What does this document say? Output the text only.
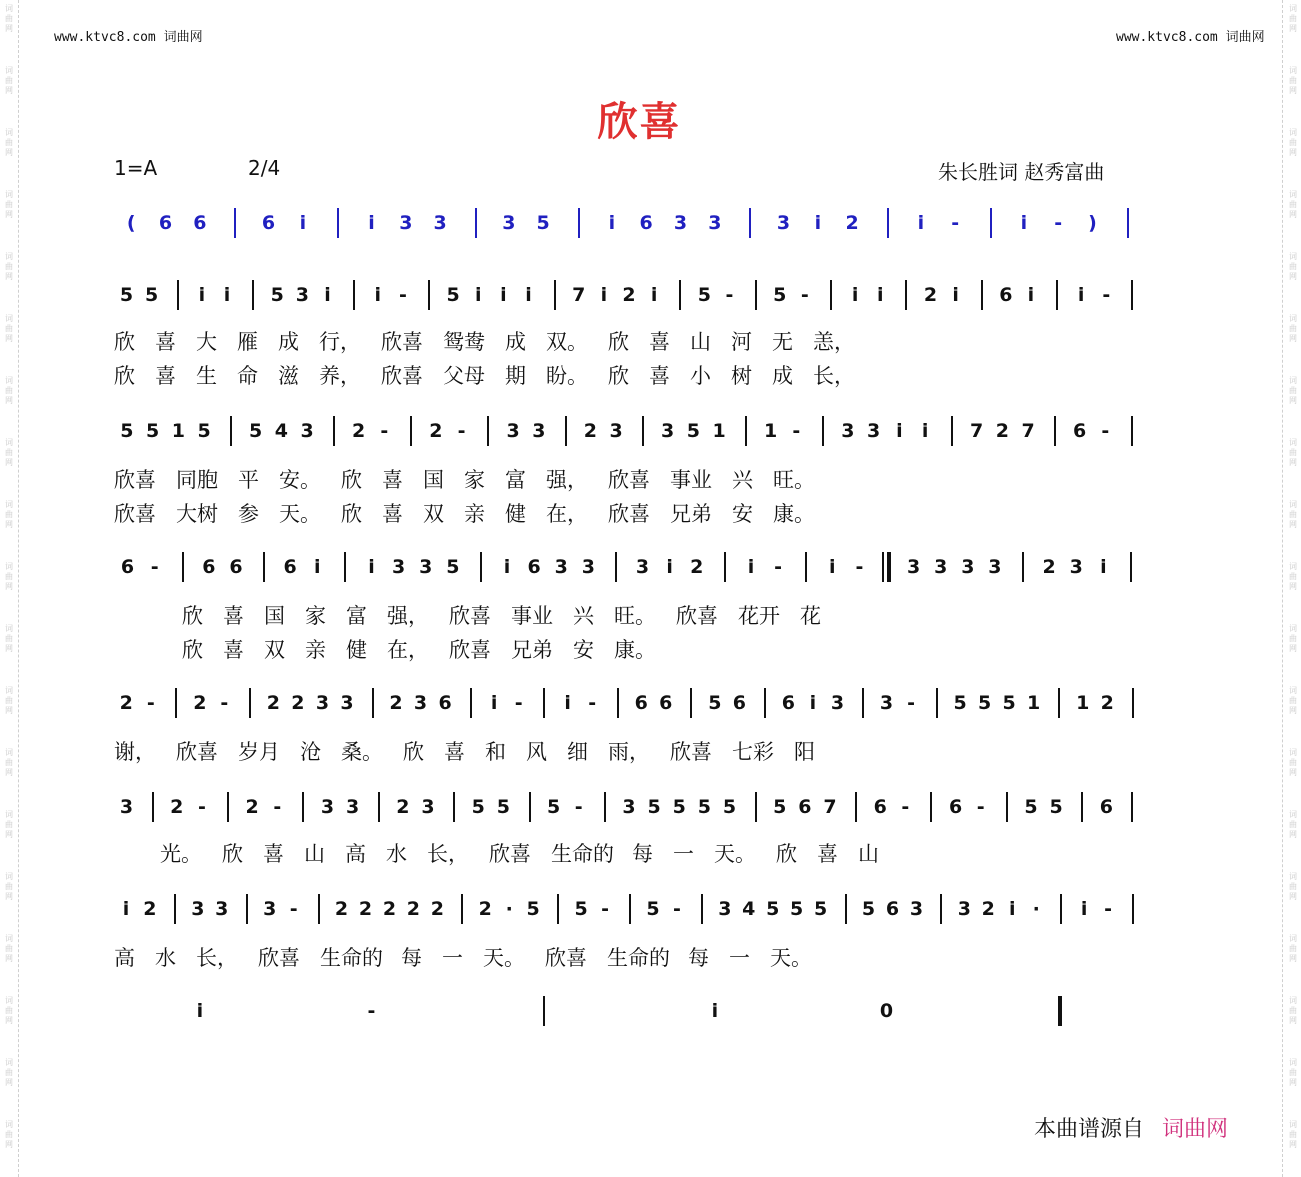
词
曲
网
词
曲
网
词
曲
网
词
曲
网
词
曲
网
词
曲
网
词
曲
网
词
曲
网
词
曲
网
词
曲
网
词
曲
网
词
曲
网
词
曲
网
词
曲
网
词
曲
网
词
曲
网
词
曲
网
词
曲
网
词
曲
网
词
曲
网
词
曲
网
词
曲
网
词
曲
网
词
曲
网
词
曲
网
词
曲
网
词
曲
网
词
曲
网
词
曲
网
词
曲
网
词
曲
网
词
曲
网
词
曲
网
词
曲
网
词
曲
网
词
曲
网
词
曲
网
词
曲
网
www.ktvc8.com 词曲网	www.ktvc8.com 词曲网
欣喜
1=A	2/4	朱长胜词 赵秀富曲
( 6 6	6 i	i 3 3	3 5	i 6 3 3	3 i 2	i -	i - )
5 5 i i 5 3 i i - 5 i i i 7 i 2 i 5 - 5 - i i 2 i 6 i i -
欣 喜 大 雁 成 行， 欣喜 鸳鸯 成 双。 欣 喜 山 河 无 恙，
欣 喜 生 命 滋 养， 欣喜 父母 期 盼。 欣 喜 小 树 成 长，
5 5 1 5 5 4 3 2 - 2 - 3 3 2 3 3 5 1 1 - 3 3 i i 7 2 7 6 -
欣喜 同胞 平 安。 欣 喜 国 家 富 强， 欣喜 事业 兴 旺。
欣喜 大树 参 天。 欣 喜 双 亲 健 在， 欣喜 兄弟 安 康。
6 - 6 6 6 i	i 3 3 5 i 6 3 3 3 i 2 i - i - 3 3 3 3 2 3 i
欣 喜 国 家 富 强， 欣喜 事业 兴 旺。 欣喜 花开 花
欣 喜 双 亲 健 在， 欣喜 兄弟 安 康。
2 - 2 - 2 2 3 3 2 3 6 i - i - 6 6 5 6 6 i 3 3 - 5 5 5 1 1 2
谢， 欣喜 岁月 沧 桑。 欣 喜 和 风 细 雨， 欣喜 七彩 阳
3 2 - 2 - 3 3 2 3 5 5 5 - 3 5 5 5 5 5 6 7 6 - 6 - 5 5 6
光。 欣 喜 山 高 水 长， 欣喜 生命的 每 一 天。 欣 喜 山
i 2 3 3 3 - 2 2 2 2 2 2 · 5 5 - 5 - 3 4 5 5 5 5 6 3 3 2 i · i -
高 水 长， 欣喜 生命的 每 一 天。 欣喜 生命的 每 一 天。
i	-	i	0
本曲谱源自 词曲网
